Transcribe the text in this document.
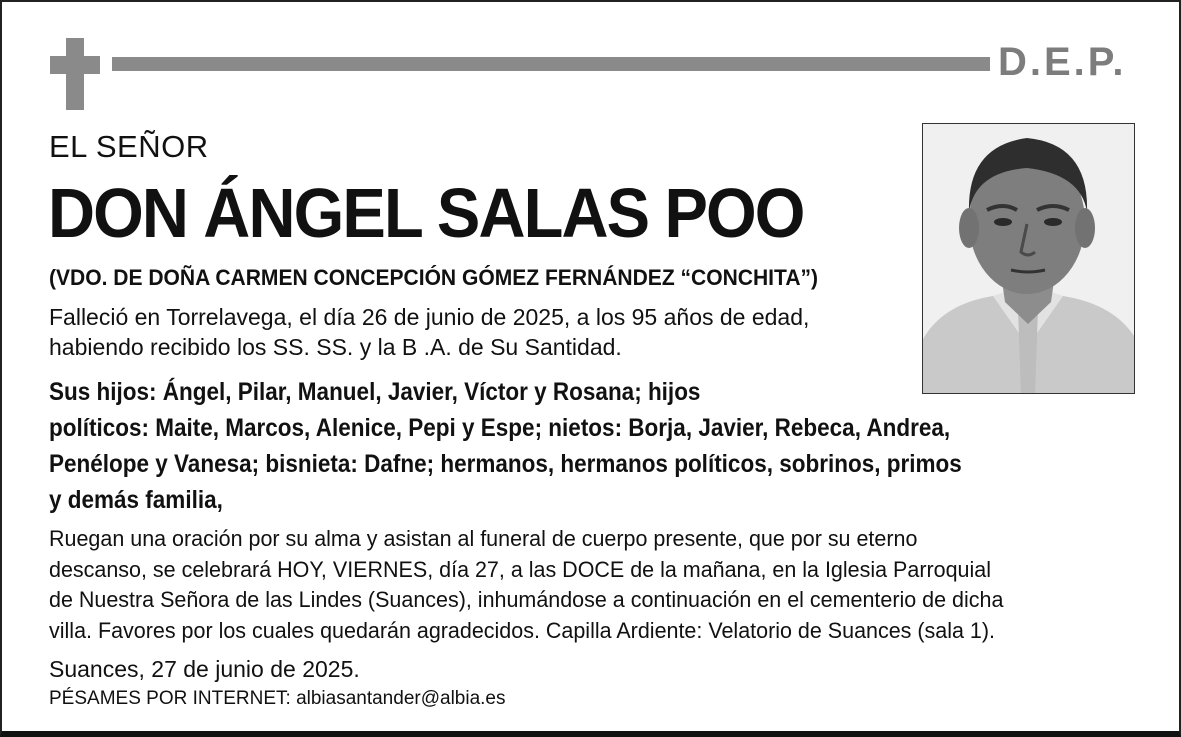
D.E.P.
EL SEÑOR
DON ÁNGEL SALAS POO
(VDO. DE DOÑA CARMEN CONCEPCIÓN GÓMEZ FERNÁNDEZ “CONCHITA”)
Falleció en Torrelavega, el día 26 de junio de 2025, a los 95 años de edad,
habiendo recibido los SS. SS. y la B .A. de Su Santidad.
Sus hijos: Ángel, Pilar, Manuel, Javier, Víctor y Rosana; hijos
políticos: Maite, Marcos, Alenice, Pepi y Espe; nietos: Borja, Javier, Rebeca, Andrea,
Penélope y Vanesa; bisnieta: Dafne; hermanos, hermanos políticos, sobrinos, primos
y demás familia,
Ruegan una oración por su alma y asistan al funeral de cuerpo presente, que por su eterno
descanso, se celebrará HOY, VIERNES, día 27, a las DOCE de la mañana, en la Iglesia Parroquial
de Nuestra Señora de las Lindes (Suances), inhumándose a continuación en el cementerio de dicha
villa. Favores por los cuales quedarán agradecidos. Capilla Ardiente: Velatorio de Suances (sala 1).
Suances, 27 de junio de 2025.
PÉSAMES POR INTERNET: albiasantander@albia.es
